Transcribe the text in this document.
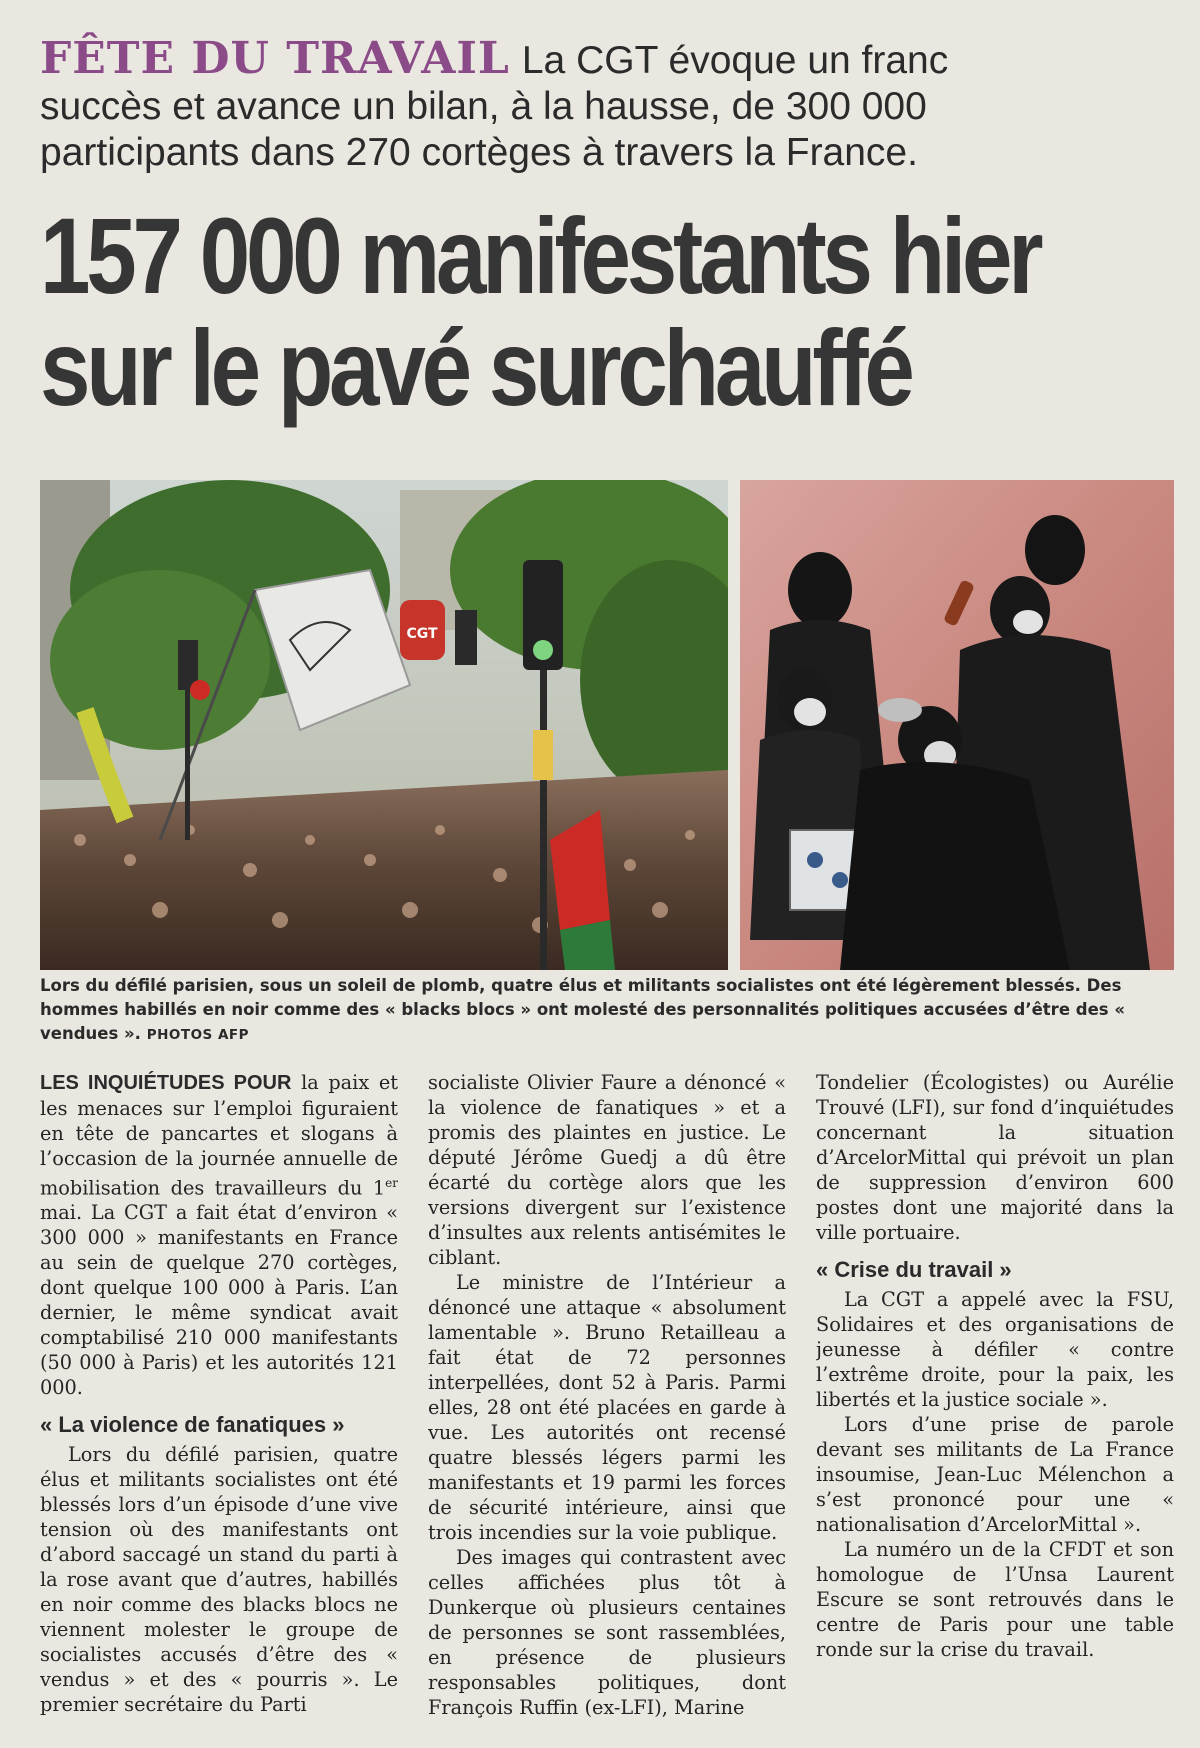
FÊTE DU TRAVAIL La CGT évoque un franc

succès et avance un bilan, à la hausse, de 300 000

participants dans 270 cortèges à travers la France.

157 000 manifestants hier
sur le pavé surchauffé
CGT
Lors du défilé parisien, sous un soleil de plomb, quatre élus et militants socialistes ont été légèrement blessés. Des hommes habillés en noir comme des « blacks blocs » ont molesté des personnalités politiques accusées d’être des « vendues ». PHOTOS AFP

LES INQUIÉTUDES POUR la paix et les menaces sur l’emploi figuraient en tête de pancartes et slogans à l’occasion de la journée annuelle de mobilisation des travailleurs du 1er mai. La CGT a fait état d’environ « 300 000 » manifestants en France au sein de quelque 270 cortèges, dont quelque 100 000 à Paris. L’an dernier, le même syndicat avait comptabilisé 210 000 manifestants (50 000 à Paris) et les autorités 121 000.

« La violence de fanatiques »

Lors du défilé parisien, quatre élus et militants socialistes ont été blessés lors d’un épisode d’une vive tension où des manifestants ont d’abord saccagé un stand du parti à la rose avant que d’autres, habillés en noir comme des blacks blocs ne viennent molester le groupe de socialistes accusés d’être des « vendus » et des « pourris ». Le premier secrétaire du Parti

socialiste Olivier Faure a dénoncé « la violence de fanatiques » et a promis des plaintes en justice. Le député Jérôme Guedj a dû être écarté du cortège alors que les versions divergent sur l’existence d’insultes aux relents antisémites le ciblant.

Le ministre de l’Intérieur a dénoncé une attaque « absolument lamentable ». Bruno Retailleau a fait état de 72 personnes interpellées, dont 52 à Paris. Parmi elles, 28 ont été placées en garde à vue. Les autorités ont recensé quatre blessés légers parmi les manifestants et 19 parmi les forces de sécurité intérieure, ainsi que trois incendies sur la voie publique.

Des images qui contrastent avec celles affichées plus tôt à Dunkerque où plusieurs centaines de personnes se sont rassemblées, en présence de plusieurs responsables politiques, dont François Ruffin (ex-LFI), Marine

Tondelier (Écologistes) ou Aurélie Trouvé (LFI), sur fond d’inquiétudes concernant la situation d’ArcelorMittal qui prévoit un plan de suppression d’environ 600 postes dont une majorité dans la ville portuaire.

« Crise du travail »

La CGT a appelé avec la FSU, Solidaires et des organisations de jeunesse à défiler « contre l’extrême droite, pour la paix, les libertés et la justice sociale ».

Lors d’une prise de parole devant ses militants de La France insoumise, Jean-Luc Mélenchon a s’est prononcé pour une « nationalisation d’ArcelorMittal ».

La numéro un de la CFDT et son homologue de l’Unsa Laurent Escure se sont retrouvés dans le centre de Paris pour une table ronde sur la crise du travail.
